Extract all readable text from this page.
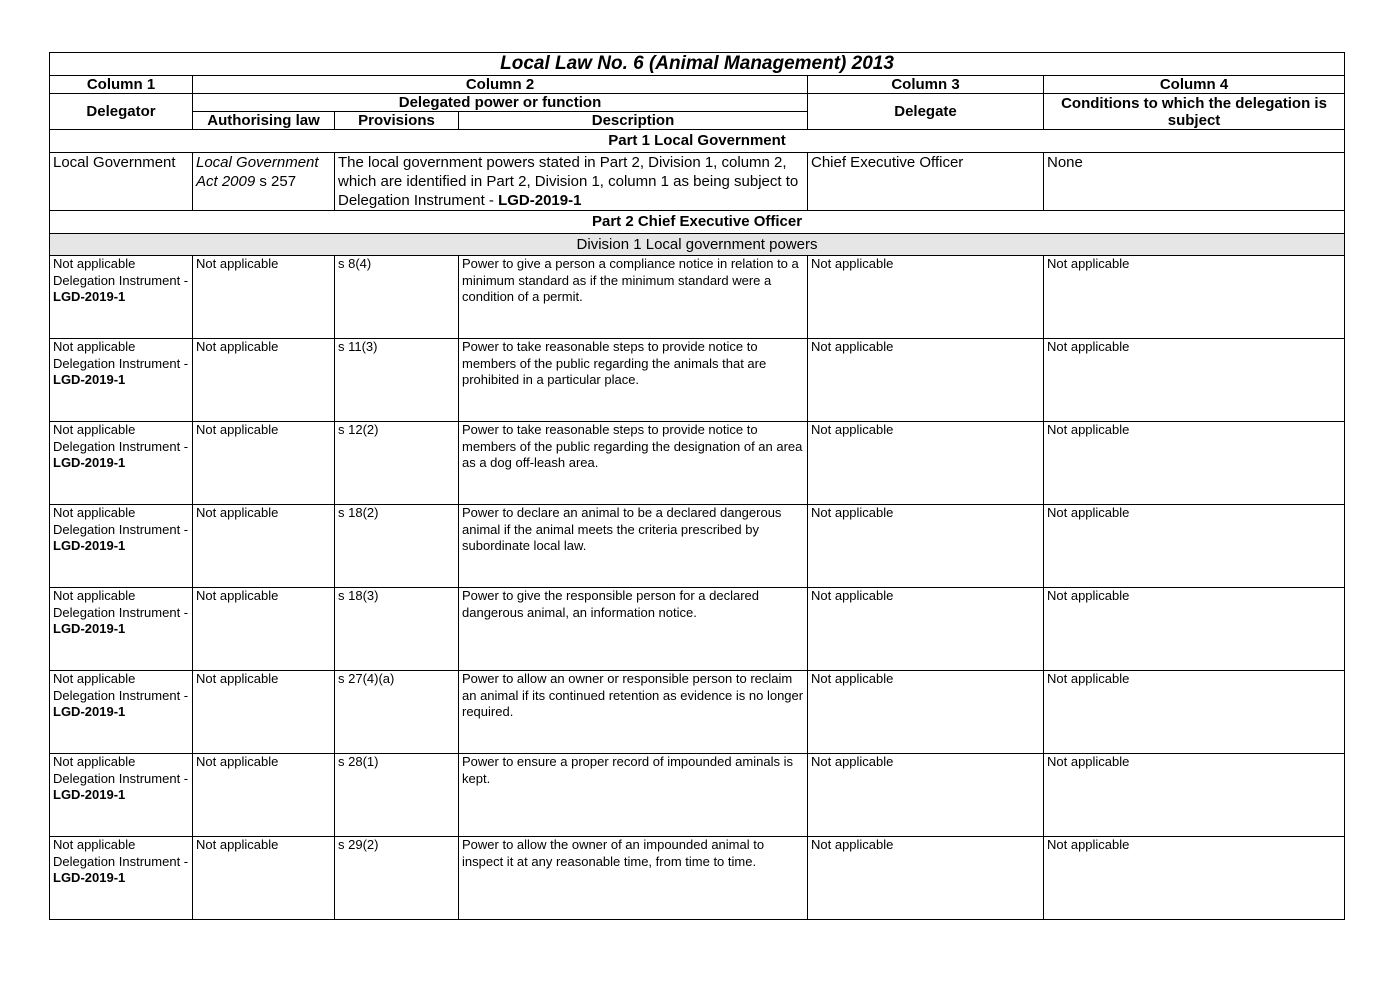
Local Law No. 6 (Animal Management) 2013					
Column 1	Column 2			Column 3	Column 4
Delegator	Delegated power or function			Delegate	Conditions to which the delegation is subject
	Authorising law	Provisions	Description		
Part 1 Local Government					
Local Government	Local Government Act 2009 s 257	The local government powers stated in Part 2, Division 1, column 2, which are identified in Part 2, Division 1, column 1 as being subject to Delegation Instrument - LGD-2019-1		Chief Executive Officer	None
Part 2 Chief Executive Officer					
Division 1 Local government powers					

Not applicable
Delegation Instrument -
LGD-2019-1	Not applicable	s 8(4)	Power to give a person a compliance notice in relation to a minimum standard as if the minimum standard were a condition of a permit.	Not applicable	Not applicable

Not applicable
Delegation Instrument -
LGD-2019-1	Not applicable	s 11(3)	Power to take reasonable steps to provide notice to members of the public regarding the animals that are prohibited in a particular place.	Not applicable	Not applicable

Not applicable
Delegation Instrument -
LGD-2019-1	Not applicable	s 12(2)	Power to take reasonable steps to provide notice to members of the public regarding the designation of an area as a dog off-leash area.	Not applicable	Not applicable

Not applicable
Delegation Instrument -
LGD-2019-1	Not applicable	s 18(2)	Power to declare an animal to be a declared dangerous animal if the animal meets the criteria prescribed by subordinate local law.	Not applicable	Not applicable

Not applicable
Delegation Instrument -
LGD-2019-1	Not applicable	s 18(3)	Power to give the responsible person for a declared dangerous animal, an information notice.	Not applicable	Not applicable

Not applicable
Delegation Instrument -
LGD-2019-1	Not applicable	s 27(4)(a)	Power to allow an owner or responsible person to reclaim an animal if its continued retention as evidence is no longer required.	Not applicable	Not applicable

Not applicable
Delegation Instrument -
LGD-2019-1	Not applicable	s 28(1)	Power to ensure a proper record of impounded aminals is kept.	Not applicable	Not applicable

Not applicable
Delegation Instrument -
LGD-2019-1	Not applicable	s 29(2)	Power to allow the owner of an impounded animal to inspect it at any reasonable time, from time to time.	Not applicable	Not applicable
